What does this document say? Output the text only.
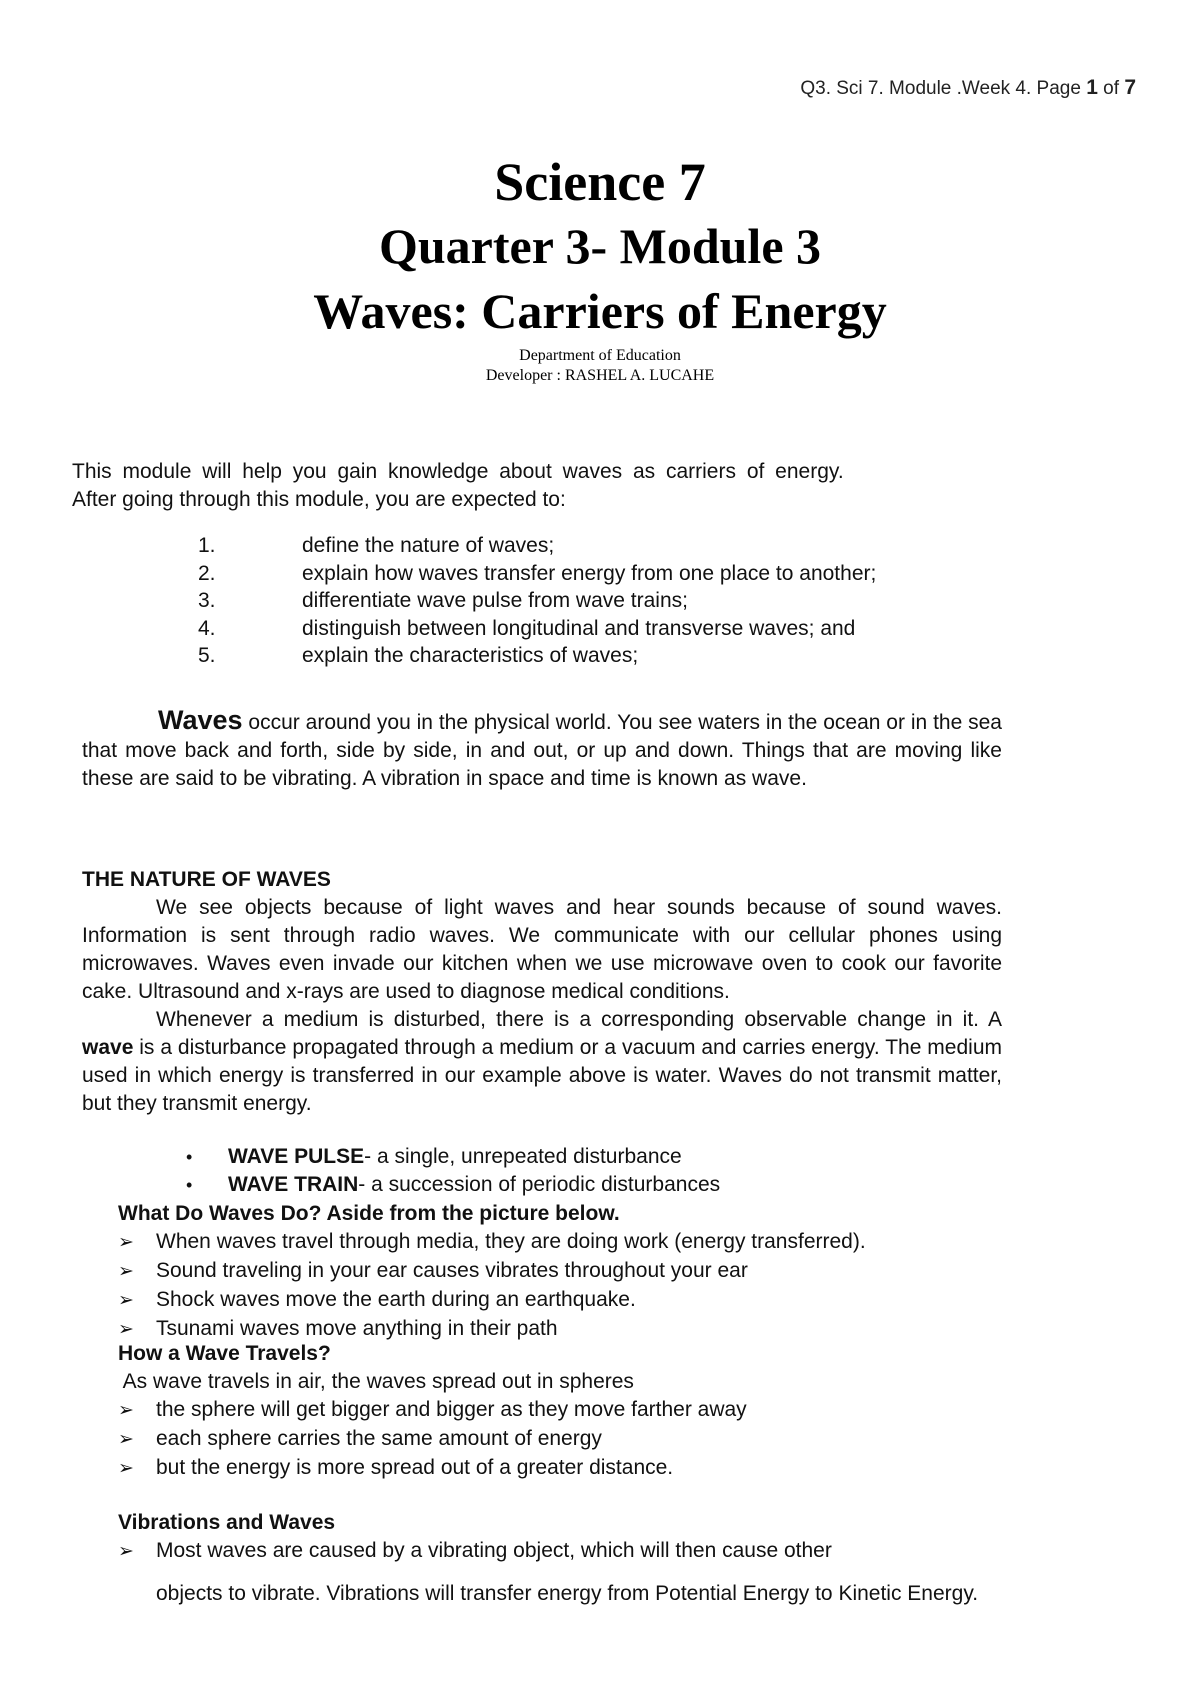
Q3. Sci 7. Module .Week 4. Page 1 of 7
Science 7
Quarter 3- Module 3
Waves: Carriers of Energy
Department of Education
Developer : RASHEL A. LUCAHE
This module will help you gain knowledge about waves as carriers of energy.
After going through this module, you are expected to:
1.	define the nature of waves;
2.	explain how waves transfer energy from one place to another;
3.	differentiate wave pulse from wave trains;
4.	distinguish between longitudinal and transverse waves; and
5.	explain the characteristics of waves;
Waves occur around you in the physical world. You see waters in the ocean or in the sea that move back and forth, side by side, in and out, or up and down. Things that are moving like these are said to be vibrating. A vibration in space and time is known as wave.
THE NATURE OF WAVES
We see objects because of light waves and hear sounds because of sound waves. Information is sent through radio waves. We communicate with our cellular phones using microwaves. Waves even invade our kitchen when we use microwave oven to cook our favorite cake. Ultrasound and x-rays are used to diagnose medical conditions.
Whenever a medium is disturbed, there is a corresponding observable change in it. A wave is a disturbance propagated through a medium or a vacuum and carries energy. The medium used in which energy is transferred in our example above is water. Waves do not transmit matter, but they transmit energy.
•	WAVE PULSE- a single, unrepeated disturbance
•	WAVE TRAIN- a succession of periodic disturbances
What Do Waves Do? Aside from the picture below.
➢	When waves travel through media, they are doing work (energy transferred).
➢	Sound traveling in your ear causes vibrates throughout your ear
➢	Shock waves move the earth during an earthquake.
➢	Tsunami waves move anything in their path
How a Wave Travels?
As wave travels in air, the waves spread out in spheres
➢	the sphere will get bigger and bigger as they move farther away
➢	each sphere carries the same amount of energy
➢	but the energy is more spread out of a greater distance.
Vibrations and Waves
➢	Most waves are caused by a vibrating object, which will then cause other
objects to vibrate. Vibrations will transfer energy from Potential Energy to Kinetic Energy.
